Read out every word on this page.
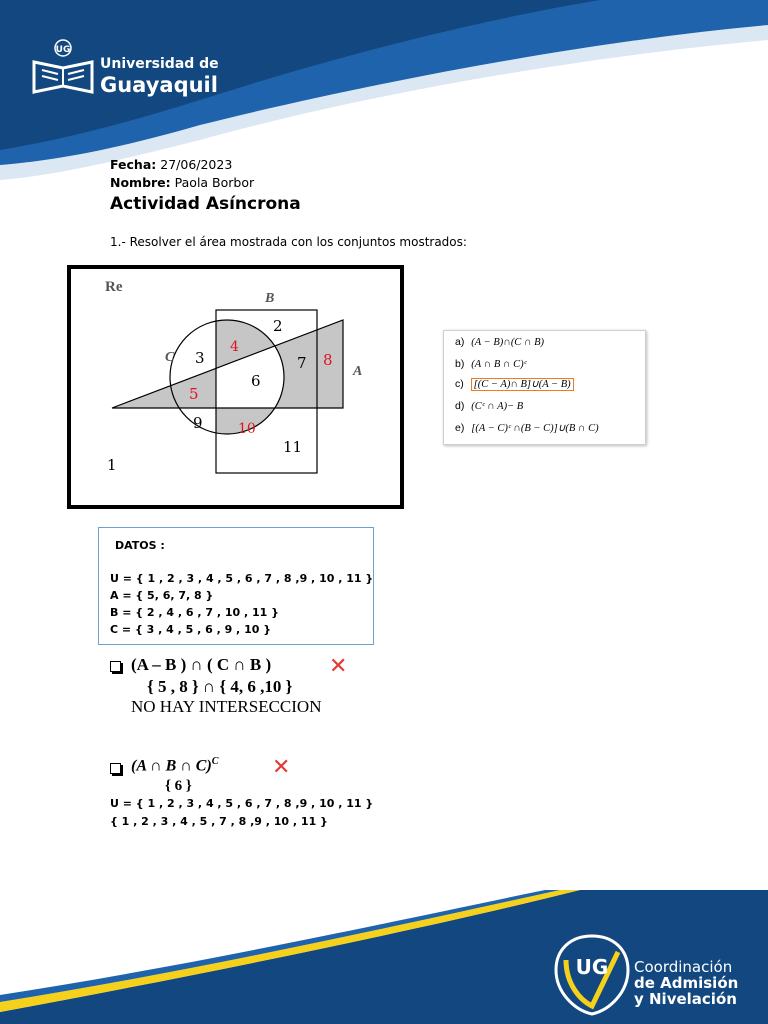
UG
Universidad de
Guayaquil
Fecha: 27/06/2023
Nombre: Paola Borbor
Actividad Asíncrona
1.- Resolver el área mostrada con los conjuntos mostrados:
Re
B
C
A
1
2
3
4
5
6
7 8
9	10
11
a) (A − B)∩(C ∩ B)
b) (A ∩ B ∩ C)ᶜ
c) [(C − A)∩ B]∪(A − B)
d) (Cᶜ ∩ A)− B
e) [(A − C)ᶜ ∩(B − C)]∪(B ∩ C)
DATOS :
U = { 1 , 2 , 3 , 4 , 5 , 6 , 7 , 8 ,9 , 10 , 11 }
A = { 5, 6, 7, 8 }
B = { 2 , 4 , 6 , 7 , 10 , 11 }
C = { 3 , 4 , 5 , 6 , 9 , 10 }
(A – B ) ∩ ( C ∩ B )	✕
{ 5 , 8 } ∩ { 4, 6 ,10 }
NO HAY INTERSECCION
(A ∩ B ∩ C)$^C$ ✕
{ 6 }
U = { 1 , 2 , 3 , 4 , 5 , 6 , 7 , 8 ,9 , 10 , 11 }
{ 1 , 2 , 3 , 4 , 5 , 7 , 8 ,9 , 10 , 11 }
UG Coordinación
de Admisión
y Nivelación
